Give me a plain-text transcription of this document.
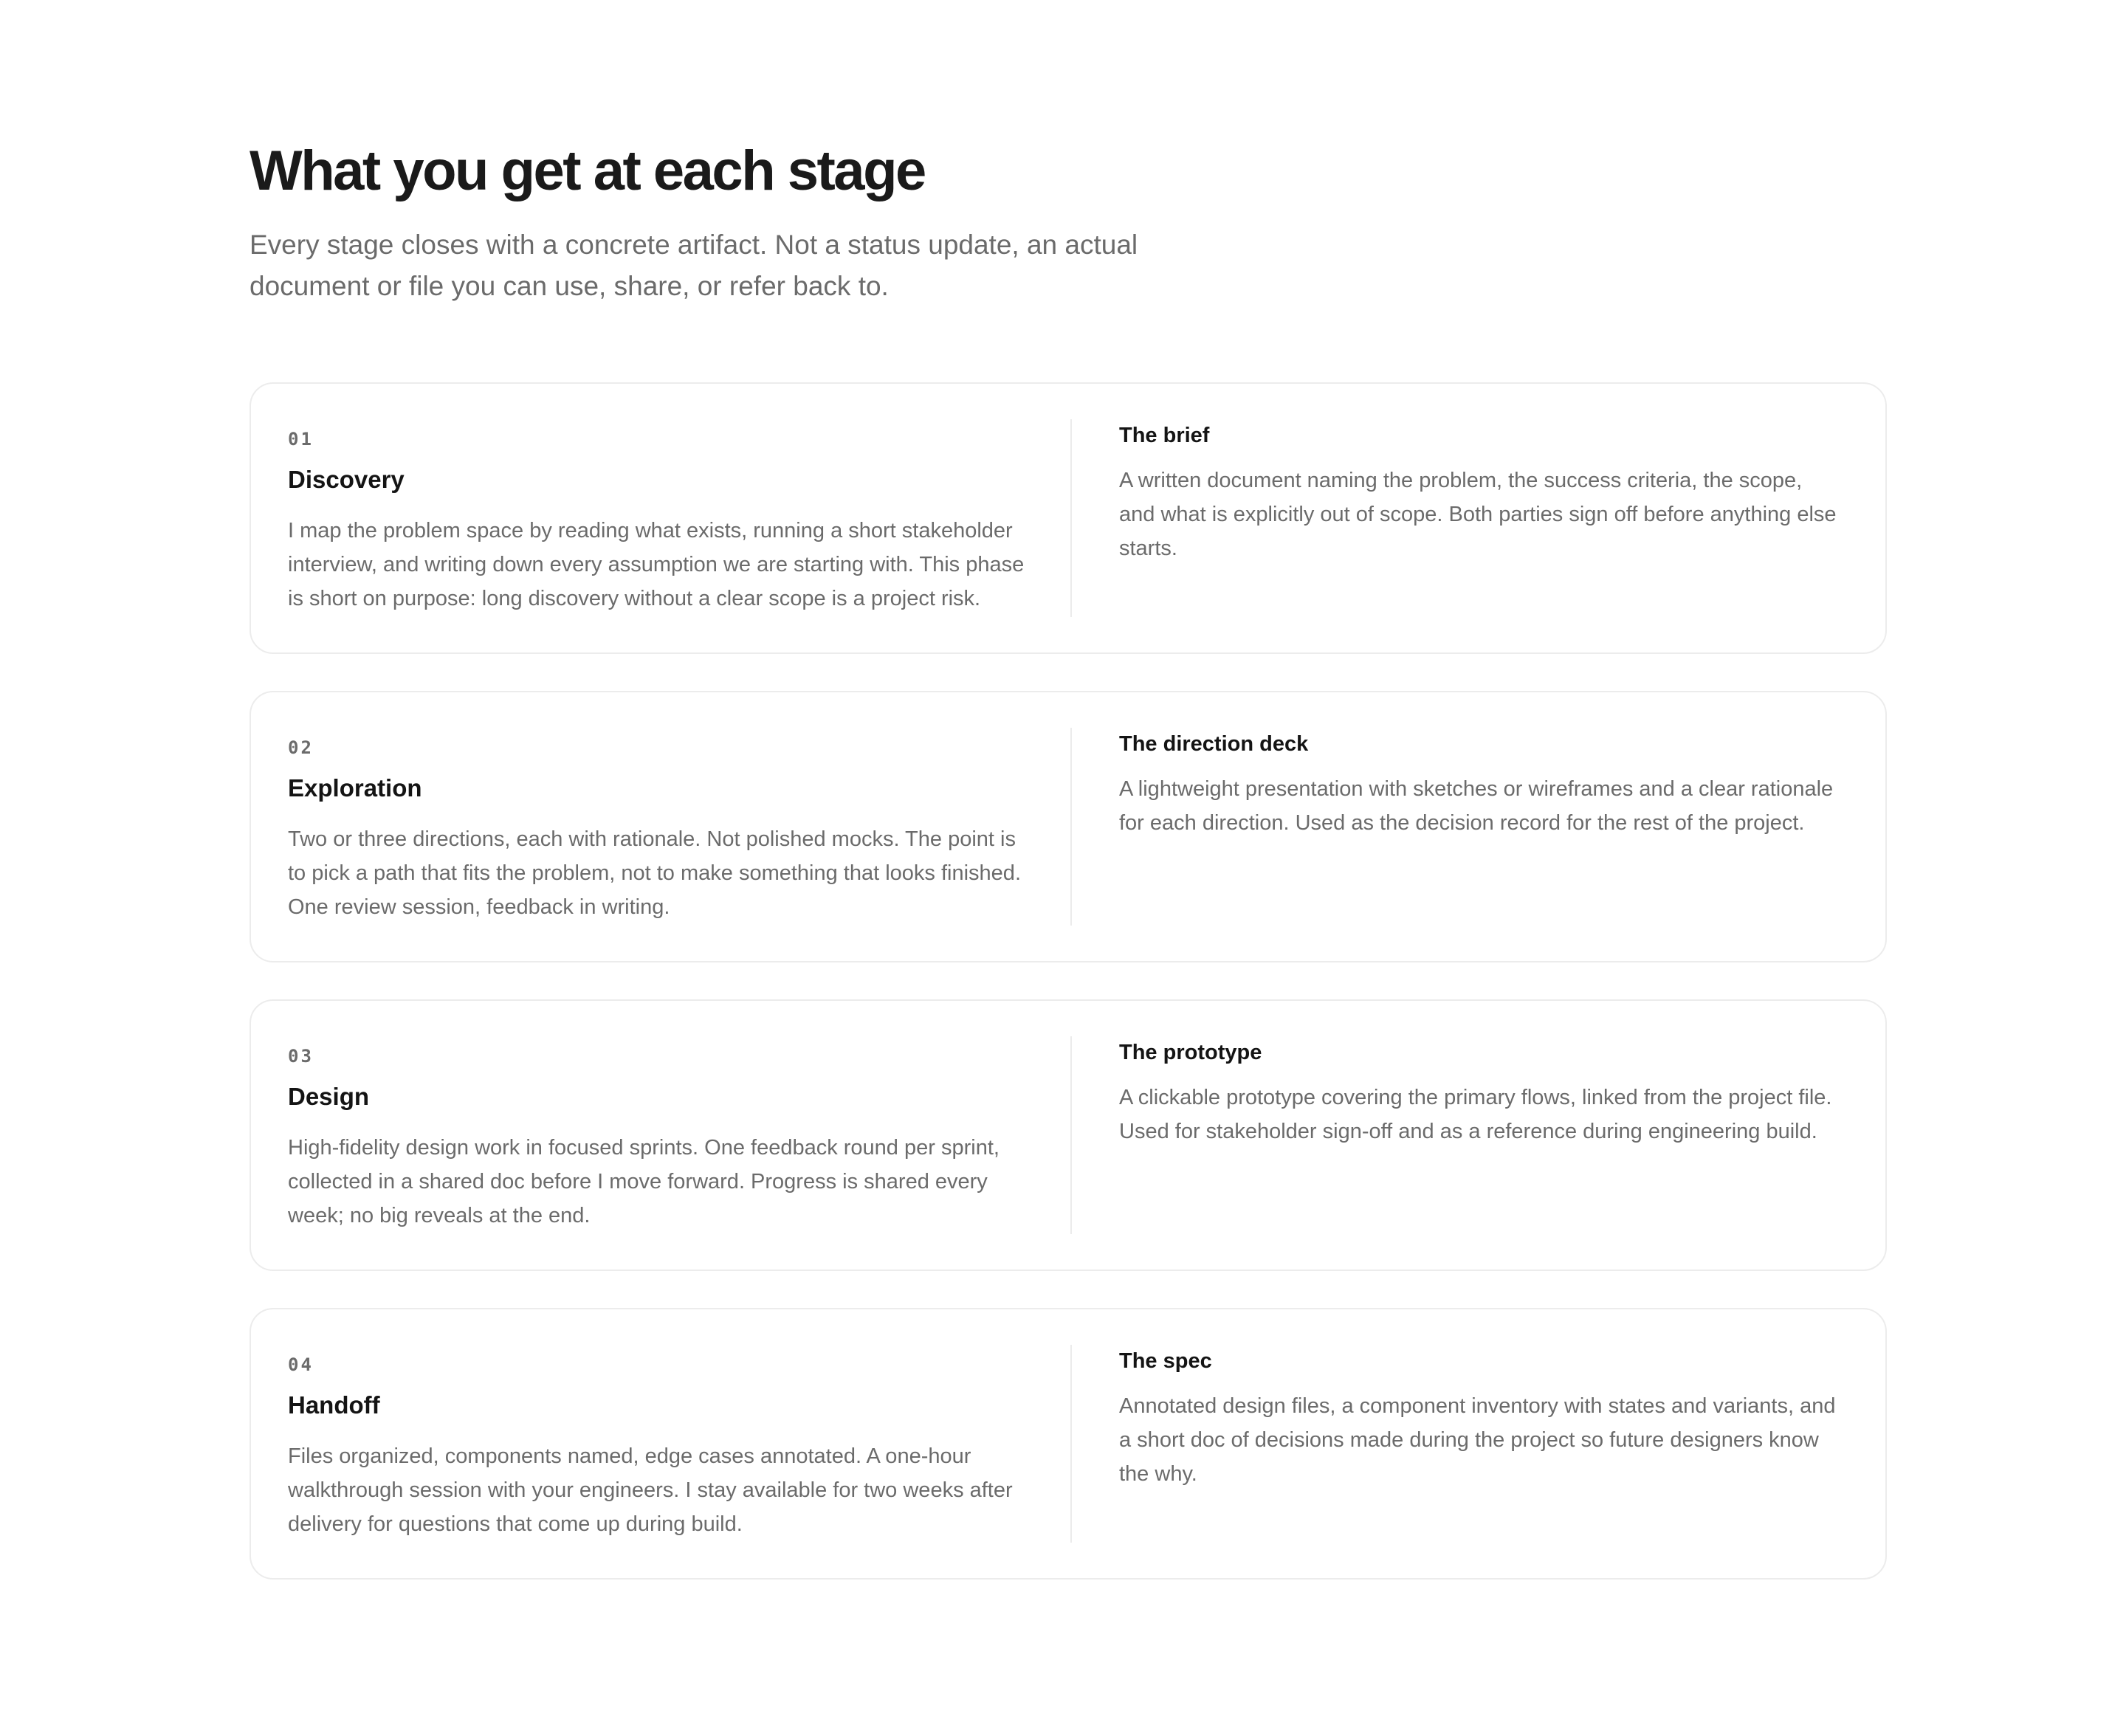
What you get at each stage

Every stage closes with a concrete artifact. Not a status update, an actual document or file you can use, share, or refer back to.

01
Discovery
I map the problem space by reading what exists, running a short stakeholder interview, and writing down every assumption we are starting with. This phase is short on purpose: long discovery without a clear scope is a project risk.
The brief
A written document naming the problem, the success criteria, the scope, and what is explicitly out of scope. Both parties sign off before anything else starts.
02
Exploration
Two or three directions, each with rationale. Not polished mocks. The point is to pick a path that fits the problem, not to make something that looks finished. One review session, feedback in writing.
The direction deck
A lightweight presentation with sketches or wireframes and a clear rationale for each direction. Used as the decision record for the rest of the project.
03
Design
High-fidelity design work in focused sprints. One feedback round per sprint, collected in a shared doc before I move forward. Progress is shared every week; no big reveals at the end.
The prototype
A clickable prototype covering the primary flows, linked from the project file. Used for stakeholder sign-off and as a reference during engineering build.
04
Handoff
Files organized, components named, edge cases annotated. A one-hour walkthrough session with your engineers. I stay available for two weeks after delivery for questions that come up during build.
The spec
Annotated design files, a component inventory with states and variants, and a short doc of decisions made during the project so future designers know the why.
